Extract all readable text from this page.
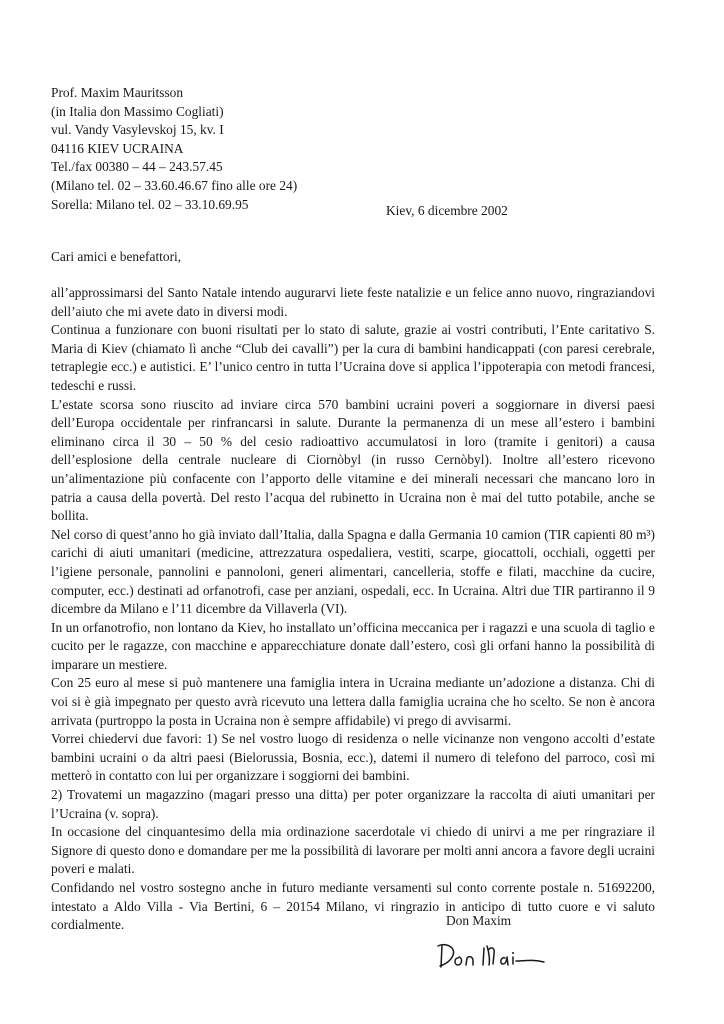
Prof. Maxim Mauritsson
(in Italia don Massimo Cogliati)
vul. Vandy Vasylevskoj 15, kv. I
04116 KIEV UCRAINA
Tel./fax 00380 – 44 – 243.57.45
(Milano tel. 02 – 33.60.46.67 fino alle ore 24)
Sorella: Milano tel. 02 – 33.10.69.95	Kiev, 6 dicembre 2002
Cari amici e benefattori,

all’approssimarsi del Santo Natale intendo augurarvi liete feste natalizie e un felice anno nuovo, ringraziandovi dell’aiuto che mi avete dato in diversi modi.

Continua a funzionare con buoni risultati per lo stato di salute, grazie ai vostri contributi, l’Ente caritativo S. Maria di Kiev (chiamato lì anche “Club dei cavalli”) per la cura di bambini handicappati (con paresi cerebrale, tetraplegie ecc.) e autistici. E’ l’unico centro in tutta l’Ucraina dove si applica l’ippoterapia con metodi francesi, tedeschi e russi.

L’estate scorsa sono riuscito ad inviare circa 570 bambini ucraini poveri a soggiornare in diversi paesi dell’Europa occidentale per rinfrancarsi in salute. Durante la permanenza di un mese all’estero i bambini eliminano circa il 30 – 50 % del cesio radioattivo accumulatosi in loro (tramite i genitori) a causa dell’esplosione della centrale nucleare di Ciornòbyl (in russo Cernòbyl). Inoltre all’estero ricevono un’alimentazione più confacente con l’apporto delle vitamine e dei minerali necessari che mancano loro in patria a causa della povertà. Del resto l’acqua del rubinetto in Ucraina non è mai del tutto potabile, anche se bollita.

Nel corso di quest’anno ho già inviato dall’Italia, dalla Spagna e dalla Germania 10 camion (TIR capienti 80 m³) carichi di aiuti umanitari (medicine, attrezzatura ospedaliera, vestiti, scarpe, giocattoli, occhiali, oggetti per l’igiene personale, pannolini e pannoloni, generi alimentari, cancelleria, stoffe e filati, macchine da cucire, computer, ecc.) destinati ad orfanotrofi, case per anziani, ospedali, ecc. In Ucraina. Altri due TIR partiranno il 9 dicembre da Milano e l’11 dicembre da Villaverla (VI).

In un orfanotrofio, non lontano da Kiev, ho installato un’officina meccanica per i ragazzi e una scuola di taglio e cucito per le ragazze, con macchine e apparecchiature donate dall’estero, così gli orfani hanno la possibilità di imparare un mestiere.

Con 25 euro al mese si può mantenere una famiglia intera in Ucraina mediante un’adozione a distanza. Chi di voi si è già impegnato per questo avrà ricevuto una lettera dalla famiglia ucraina che ho scelto. Se non è ancora arrivata (purtroppo la posta in Ucraina non è sempre affidabile) vi prego di avvisarmi.

Vorrei chiedervi due favori: 1) Se nel vostro luogo di residenza o nelle vicinanze non vengono accolti d’estate bambini ucraini o da altri paesi (Bielorussia, Bosnia, ecc.), datemi il numero di telefono del parroco, così mi metterò in contatto con lui per organizzare i soggiorni dei bambini.

2) Trovatemi un magazzino (magari presso una ditta) per poter organizzare la raccolta di aiuti umanitari per l’Ucraina (v. sopra).

In occasione del cinquantesimo della mia ordinazione sacerdotale vi chiedo di unirvi a me per ringraziare il Signore di questo dono e domandare per me la possibilità di lavorare per molti anni ancora a favore degli ucraini poveri e malati.

Confidando nel vostro sostegno anche in futuro mediante versamenti sul conto corrente postale n. 51692200, intestato a Aldo Villa - Via Bertini, 6 – 20154 Milano, vi ringrazio in anticipo di tutto cuore e vi saluto cordialmente.	Don Maxim
